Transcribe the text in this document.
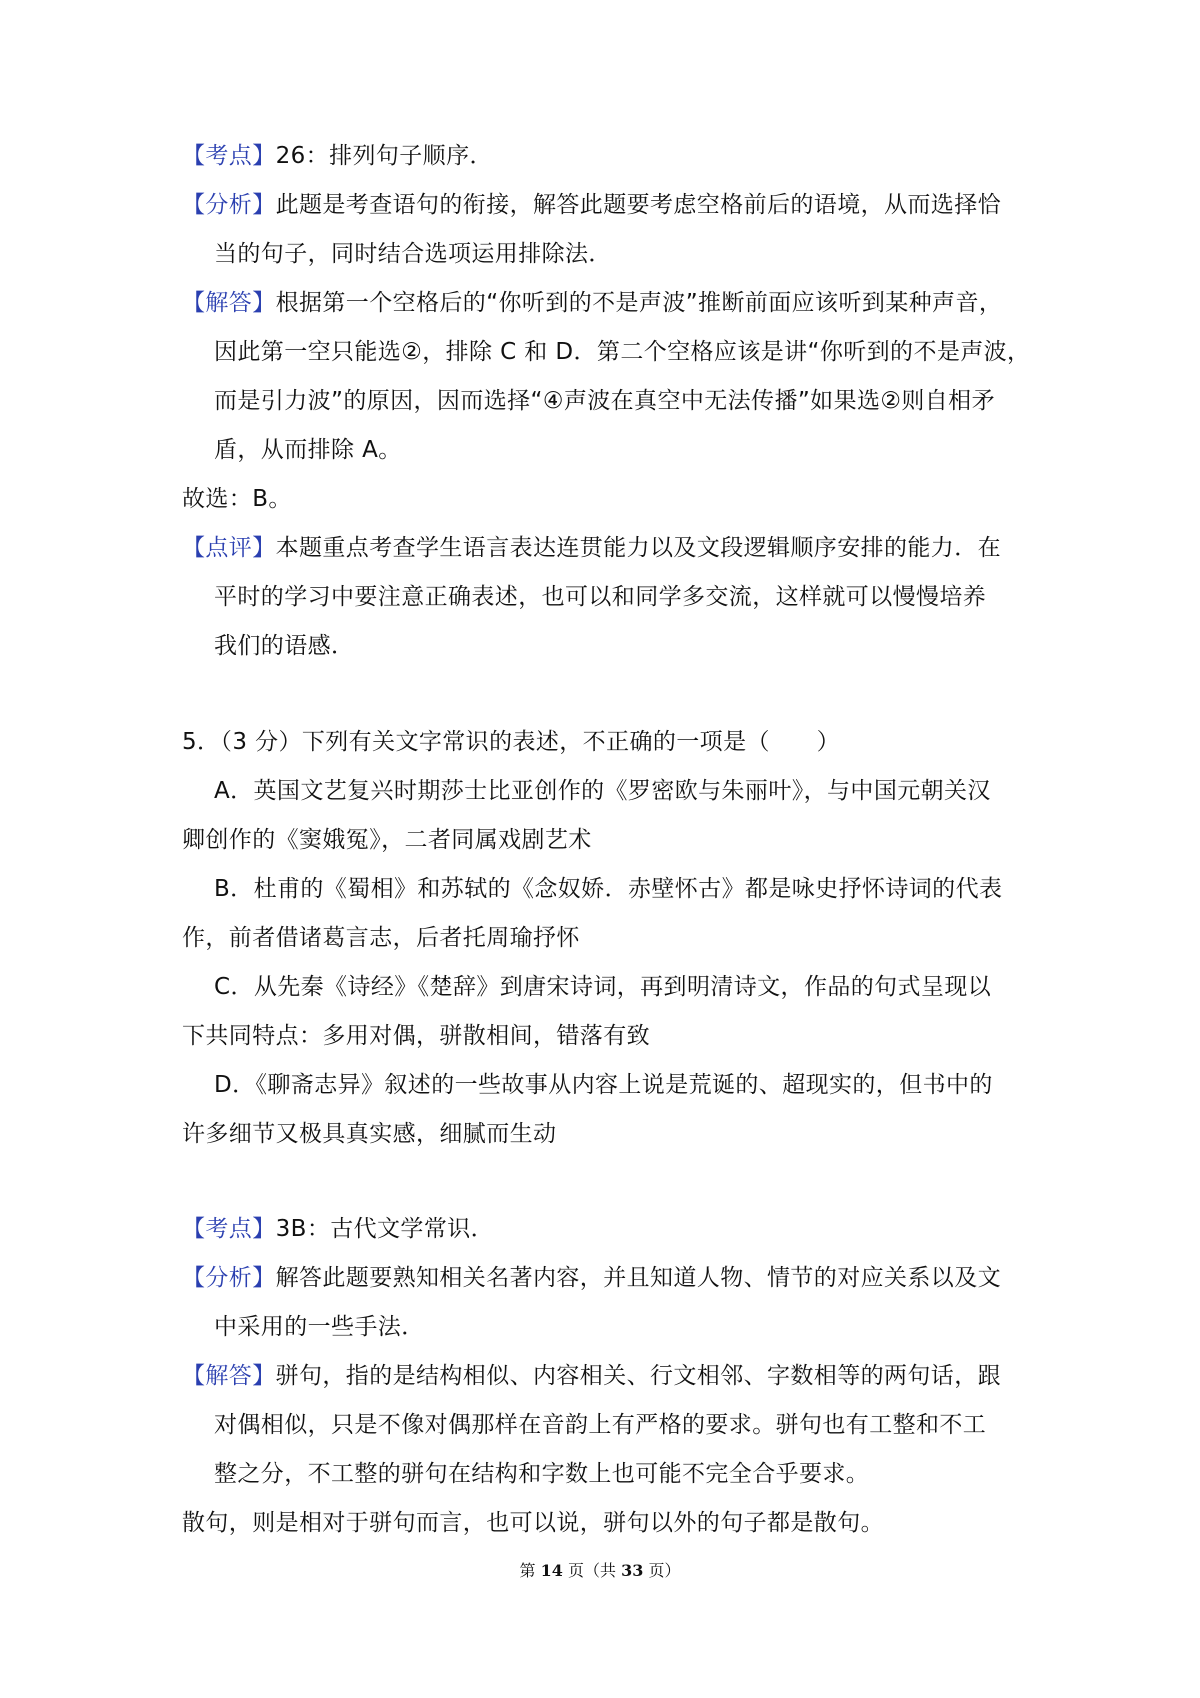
【考点】26：排列句子顺序．
【分析】此题是考查语句的衔接，解答此题要考虑空格前后的语境，从而选择恰
当的句子，同时结合选项运用排除法．
【解答】根据第一个空格后的“你听到的不是声波”推断前面应该听到某种声音，
因此第一空只能选②，排除 C 和 D．第二个空格应该是讲“你听到的不是声波，
而是引力波”的原因，因而选择“④声波在真空中无法传播”如果选②则自相矛
盾，从而排除 A。
故选：B。
【点评】本题重点考查学生语言表达连贯能力以及文段逻辑顺序安排的能力．在
平时的学习中要注意正确表述，也可以和同学多交流，这样就可以慢慢培养
我们的语感．
5．（3 分）下列有关文字常识的表述，不正确的一项是（　　）
A．英国文艺复兴时期莎士比亚创作的《罗密欧与朱丽叶》，与中国元朝关汉
卿创作的《窦娥冤》，二者同属戏剧艺术
B．杜甫的《蜀相》和苏轼的《念奴娇．赤壁怀古》都是咏史抒怀诗词的代表
作，前者借诸葛言志，后者托周瑜抒怀
C．从先秦《诗经》《楚辞》到唐宋诗词，再到明清诗文，作品的句式呈现以
下共同特点：多用对偶，骈散相间，错落有致
D．《聊斋志异》叙述的一些故事从内容上说是荒诞的、超现实的，但书中的
许多细节又极具真实感，细腻而生动
【考点】3B：古代文学常识．
【分析】解答此题要熟知相关名著内容，并且知道人物、情节的对应关系以及文
中采用的一些手法．
【解答】骈句，指的是结构相似、内容相关、行文相邻、字数相等的两句话，跟
对偶相似，只是不像对偶那样在音韵上有严格的要求。骈句也有工整和不工
整之分，不工整的骈句在结构和字数上也可能不完全合乎要求。
散句，则是相对于骈句而言，也可以说，骈句以外的句子都是散句。
第 14 页（共 33 页）
